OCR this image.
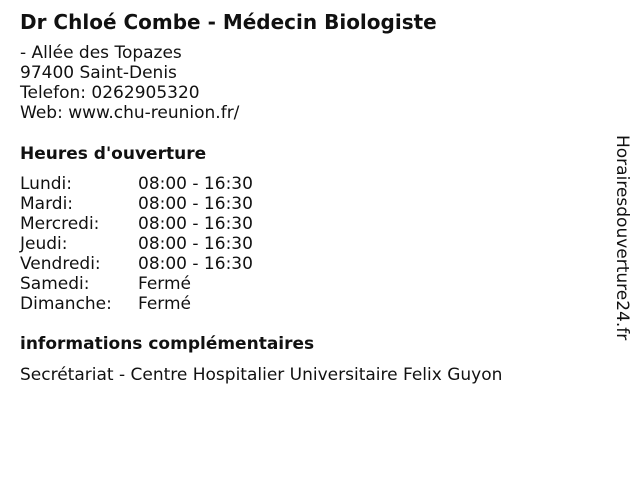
Dr Chloé Combe - Médecin Biologiste
- Allée des Topazes
97400 Saint-Denis
Telefon: 0262905320
Web: www.chu-reunion.fr/
Heures d'ouverture
Lundi:	08:00 - 16:30
Mardi:	08:00 - 16:30
Mercredi:	08:00 - 16:30
Jeudi:	08:00 - 16:30
Vendredi:	08:00 - 16:30
Samedi:	Fermé
Dimanche:	Fermé
informations complémentaires
Secrétariat - Centre Hospitalier Universitaire Felix Guyon
Horairesdouverture24.fr
